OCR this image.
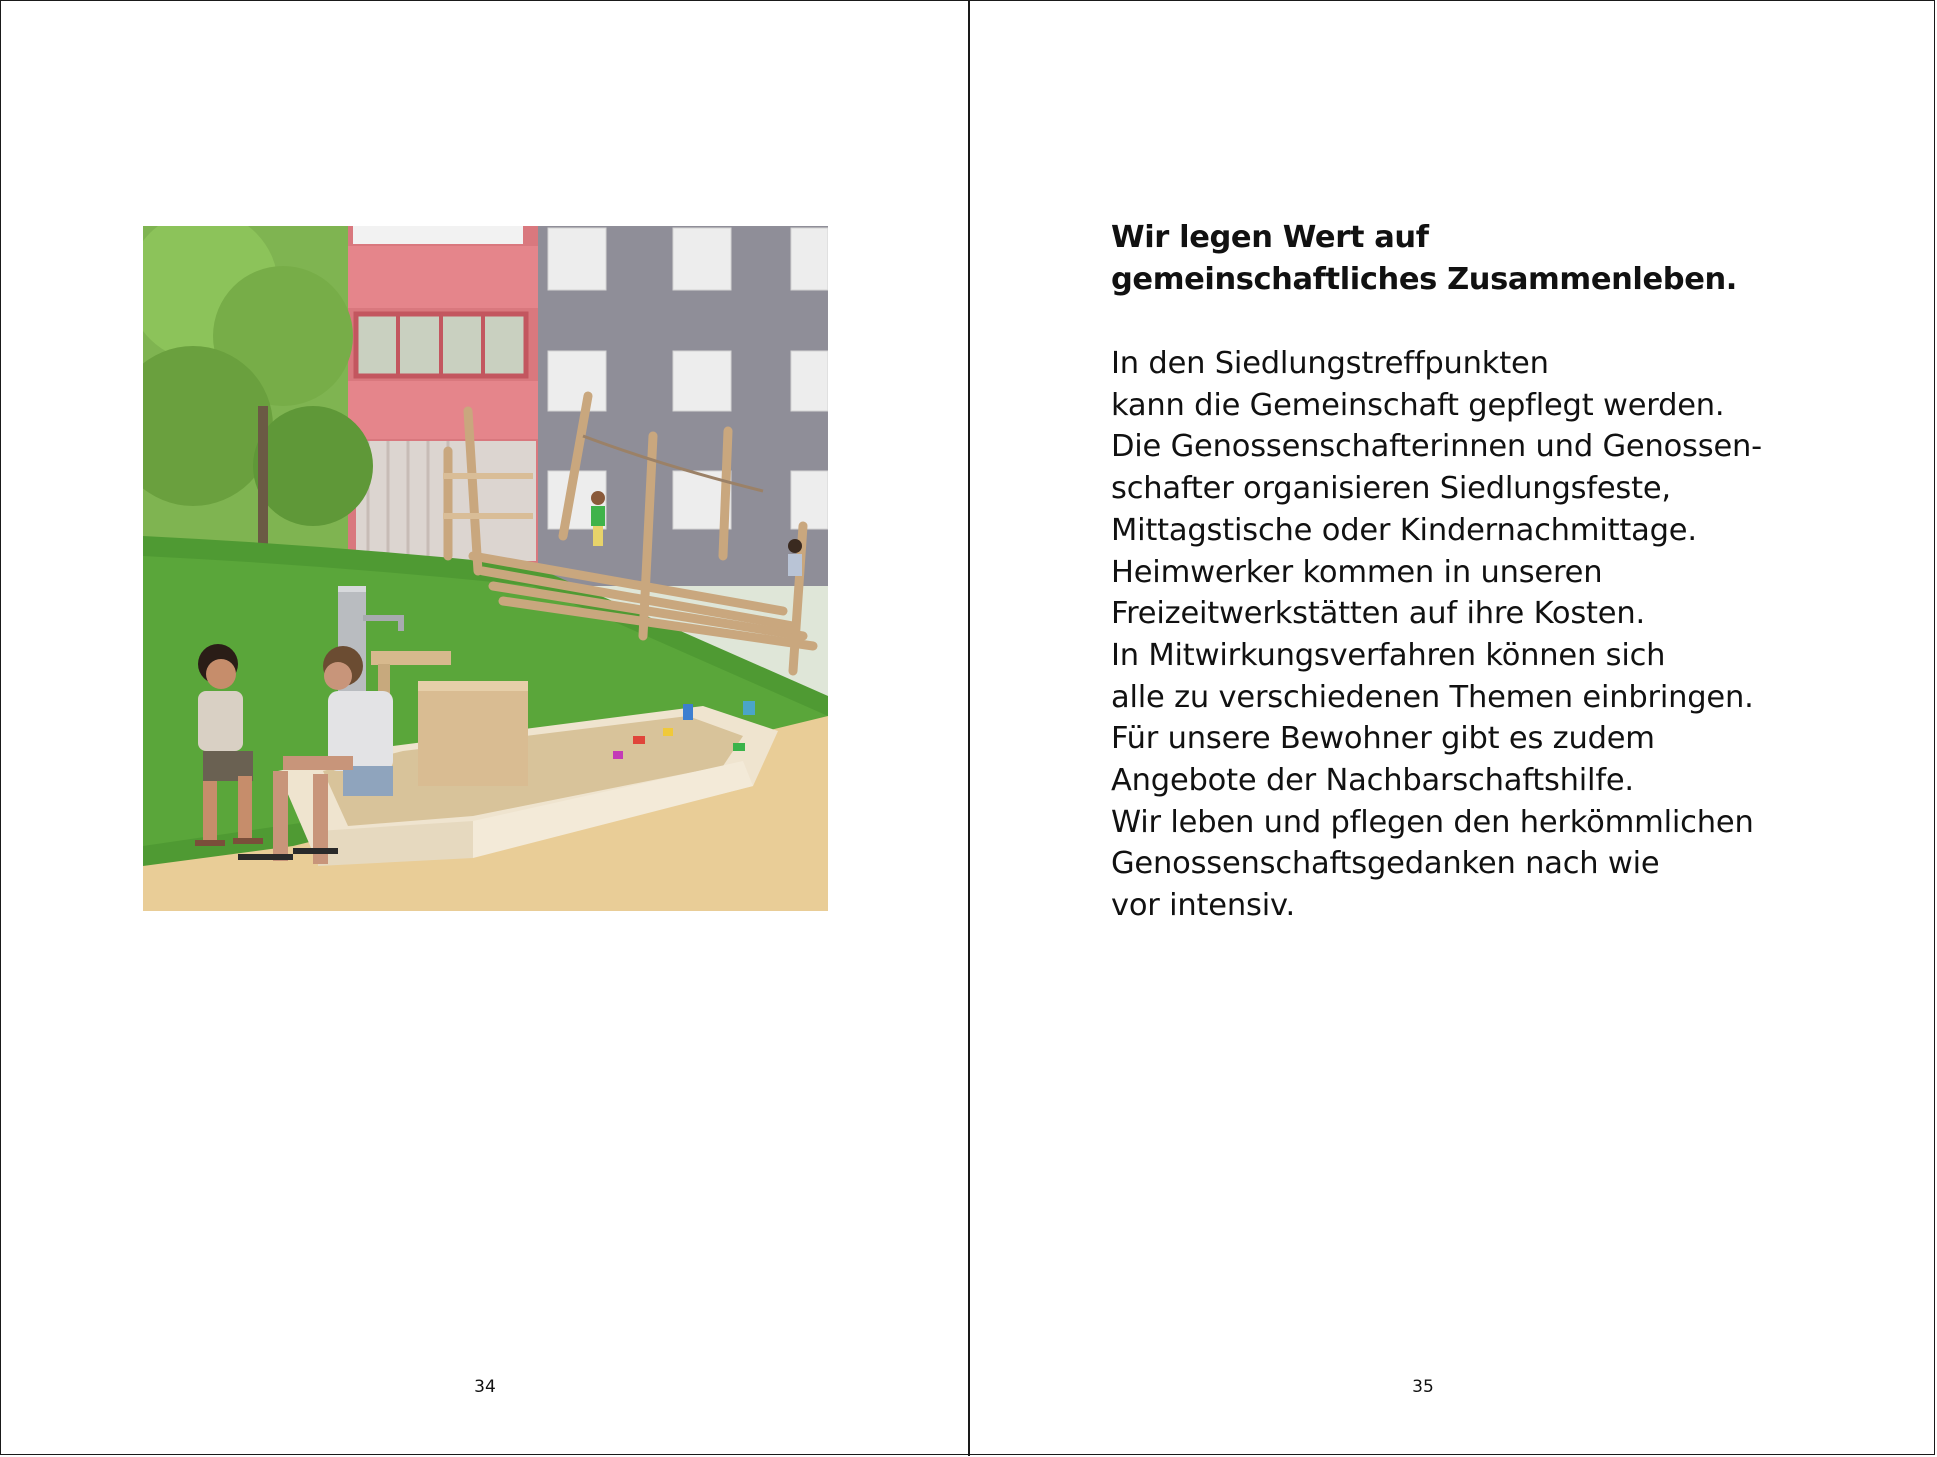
34
Wir legen Wert auf
gemeinschaftliches Zusammenleben.

In den Siedlungstreffpunkten
kann die Gemeinschaft gepflegt werden.
Die Genossenschafterinnen und Genossen-
schafter organisieren Siedlungsfeste,
Mittagstische oder Kindernachmittage.
Heimwerker kommen in unseren
Freizeitwerkstätten auf ihre Kosten.
In Mitwirkungsverfahren können sich
alle zu verschiedenen Themen einbringen.
Für unsere Bewohner gibt es zudem
Angebote der Nachbarschaftshilfe.
Wir leben und pflegen den herkömmlichen
Genossenschaftsgedanken nach wie
vor intensiv.

35
